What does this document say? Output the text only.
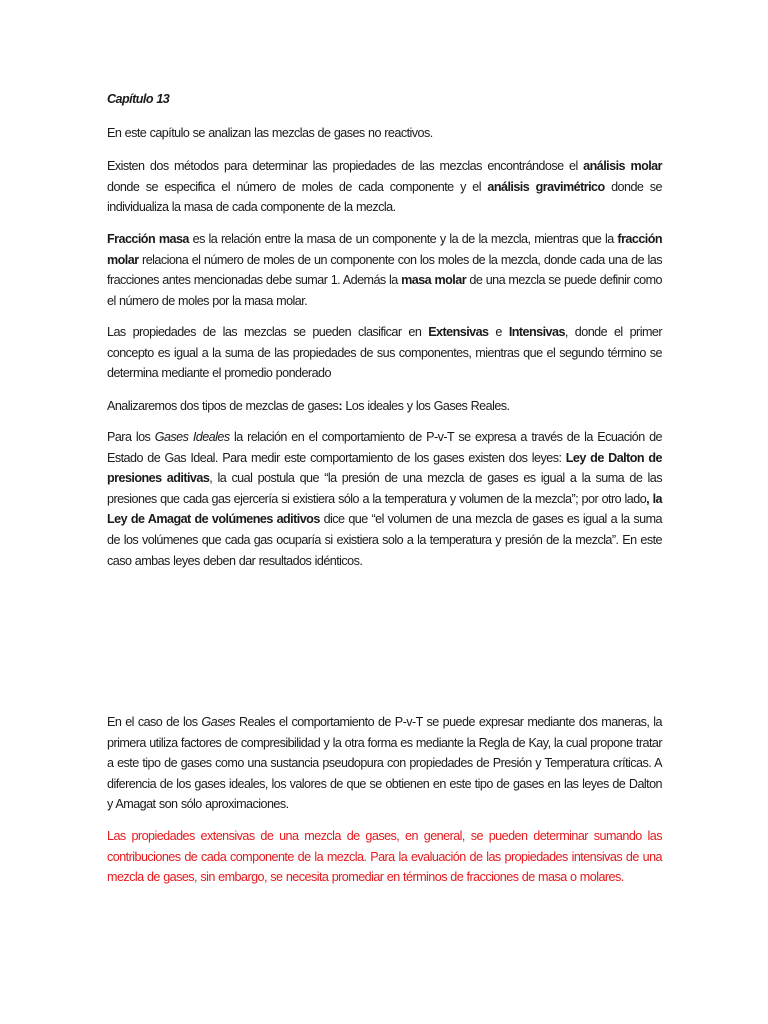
Capítulo 13

En este capítulo se analizan las mezclas de gases no reactivos.

Existen dos métodos para determinar las propiedades de las mezclas encontrándose el análisis molar donde se especifica el número de moles de cada componente y el análisis gravimétrico donde se individualiza la masa de cada componente de la mezcla.

Fracción masa es la relación entre la masa de un componente y la de la mezcla, mientras que la fracción molar relaciona el número de moles de un componente con los moles de la mezcla, donde cada una de las fracciones antes mencionadas debe sumar 1. Además la masa molar de una mezcla se puede definir como el número de moles por la masa molar.

Las propiedades de las mezclas se pueden clasificar en Extensivas e Intensivas, donde el primer concepto es igual a la suma de las propiedades de sus componentes, mientras que el segundo término se determina mediante el promedio ponderado

Analizaremos dos tipos de mezclas de gases: Los ideales y los Gases Reales.

Para los Gases Ideales la relación en el comportamiento de P-v-T se expresa a través de la Ecuación de Estado de Gas Ideal. Para medir este comportamiento de los gases existen dos leyes: Ley de Dalton de presiones aditivas, la cual postula que “la presión de una mezcla de gases es igual a la suma de las presiones que cada gas ejercería si existiera sólo a la temperatura y volumen de la mezcla”; por otro lado, la Ley de Amagat de volúmenes aditivos dice que “el volumen de una mezcla de gases es igual a la suma de los volúmenes que cada gas ocuparía si existiera solo a la temperatura y presión de la mezcla”. En este caso ambas leyes deben dar resultados idénticos.

En el caso de los Gases Reales el comportamiento de P-v-T se puede expresar mediante dos maneras, la primera utiliza factores de compresibilidad y la otra forma es mediante la Regla de Kay, la cual propone tratar a este tipo de gases como una sustancia pseudopura con propiedades de Presión y Temperatura críticas. A diferencia de los gases ideales, los valores de que se obtienen en este tipo de gases en las leyes de Dalton y Amagat son sólo aproximaciones.

Las propiedades extensivas de una mezcla de gases, en general, se pueden determinar sumando las contribuciones de cada componente de la mezcla. Para la evaluación de las propiedades intensivas de una mezcla de gases, sin embargo, se necesita promediar en términos de fracciones de masa o molares.
